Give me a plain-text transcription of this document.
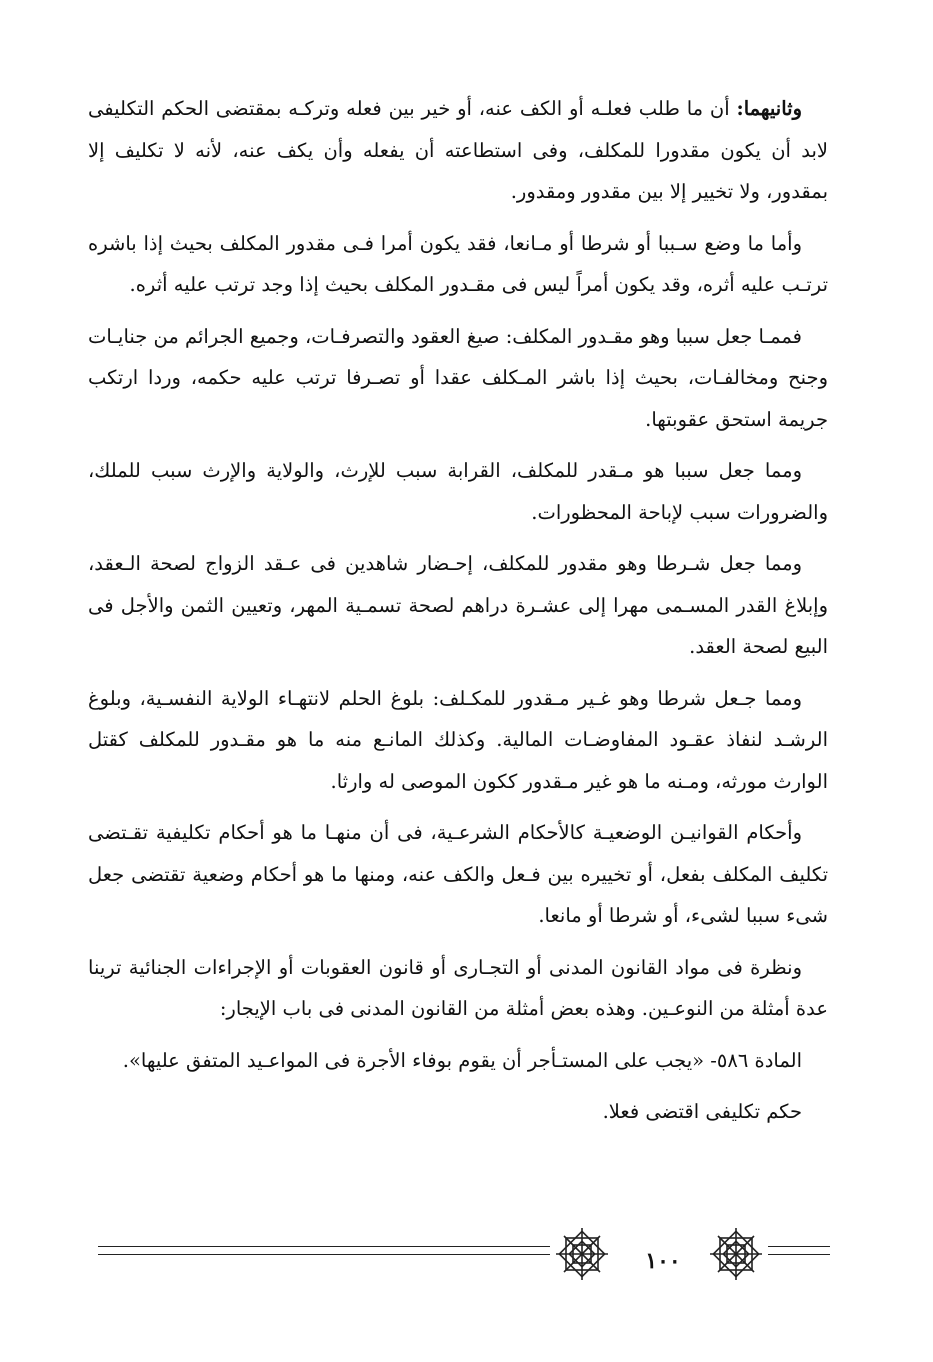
وثانيهما: أن ما طلب فعلـه أو الكف عنه، أو خير بين فعله وتركـه بمقتضى الحكم التكليفى لابد أن يكون مقدورا للمكلف، وفى استطاعته أن يفعله وأن يكف عنه، لأنه لا تكليف إلا بمقدور، ولا تخيير إلا بين مقدور ومقدور.

وأما ما وضع سـببا أو شرطا أو مـانعا، فقد يكون أمرا فـى مقدور المكلف بحيث إذا باشره ترتـب عليه أثره، وقد يكون أمراً ليس فى مقـدور المكلف بحيث إذا وجد ترتب عليه أثره.

فممـا جعل سببا وهو مقـدور المكلف: صيغ العقود والتصرفـات، وجميع الجرائم من جنايـات وجنح ومخالفـات، بحيث إذا باشر المـكلف عقدا أو تصـرفا ترتب عليه حكمه، وردا ارتكب جريمة استحق عقوبتها.

ومما جعل سببا هو مـقدر للمكلف، القرابة سبب للإرث، والولاية والإرث سبب للملك، والضرورات سبب لإباحة المحظورات.

ومما جعل شـرطا وهو مقدور للمكلف، إحـضار شاهدين فى عـقد الزواج لصحة الـعقد، وإبلاغ القدر المسـمى مهرا إلى عشـرة دراهم لصحة تسمـية المهر، وتعيين الثمن والأجل فى البيع لصحة العقد.

ومما جـعل شرطا وهو غـير مـقدور للمكـلف: بلوغ الحلم لانتهـاء الولاية النفسـية، وبلوغ الرشـد لنفاذ عقـود المفاوضـات المالية. وكذلك المانـع منه ما هو مقـدور للمكلف كقتل الوارث مورثه، ومـنه ما هو غير مـقدور ككون الموصى له وارثا.

وأحكام القوانيـن الوضعيـة كالأحكام الشرعـية، فى أن منهـا ما هو أحكام تكليفية تقـتضى تكليف المكلف بفعل، أو تخييره بين فـعل والكف عنه، ومنها ما هو أحكام وضعية تقتضى جعل شىء سببا لشىء، أو شرطا أو مانعا.

ونظرة فى مواد القانون المدنى أو التجـارى أو قانون العقوبات أو الإجراءات الجنائية ترينا عدة أمثلة من النوعـين. وهذه بعض أمثلة من القانون المدنى فى باب الإيجار:

المادة ٥٨٦- «يجب على المستـأجر أن يقوم بوفاء الأجرة فى المواعـيد المتفق عليها».

حكم تكليفى اقتضى فعلا.

١٠٠
